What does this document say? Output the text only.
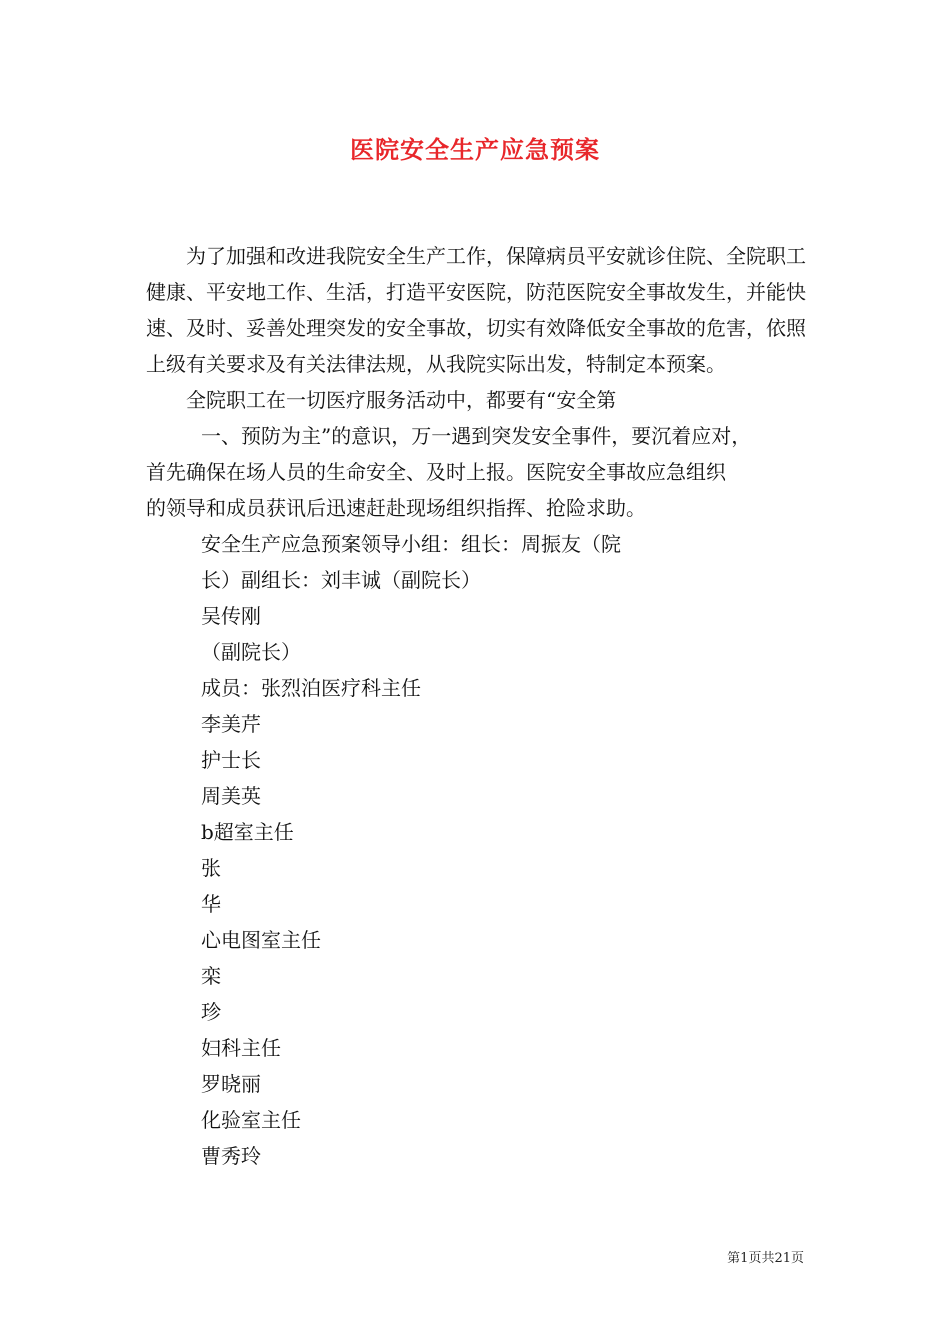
医院安全生产应急预案

为了加强和改进我院安全生产工作，保障病员平安就诊住院、全院职工健康、平安地工作、生活，打造平安医院，防范医院安全事故发生，并能快速、及时、妥善处理突发的安全事故，切实有效降低安全事故的危害，依照上级有关要求及有关法律法规，从我院实际出发，特制定本预案。

全院职工在一切医疗服务活动中，都要有“安全第

一、预防为主”的意识，万一遇到突发安全事件，要沉着应对，

首先确保在场人员的生命安全、及时上报。医院安全事故应急组织

的领导和成员获讯后迅速赶赴现场组织指挥、抢险求助。

安全生产应急预案领导小组：组长：周振友（院

长）副组长：刘丰诚（副院长）

吴传刚

（副院长）

成员：张烈泊医疗科主任

李美芹

护士长

周美英

b超室主任

张

华

心电图室主任

栾

珍

妇科主任

罗晓丽

化验室主任

曹秀玲

第1页共21页
